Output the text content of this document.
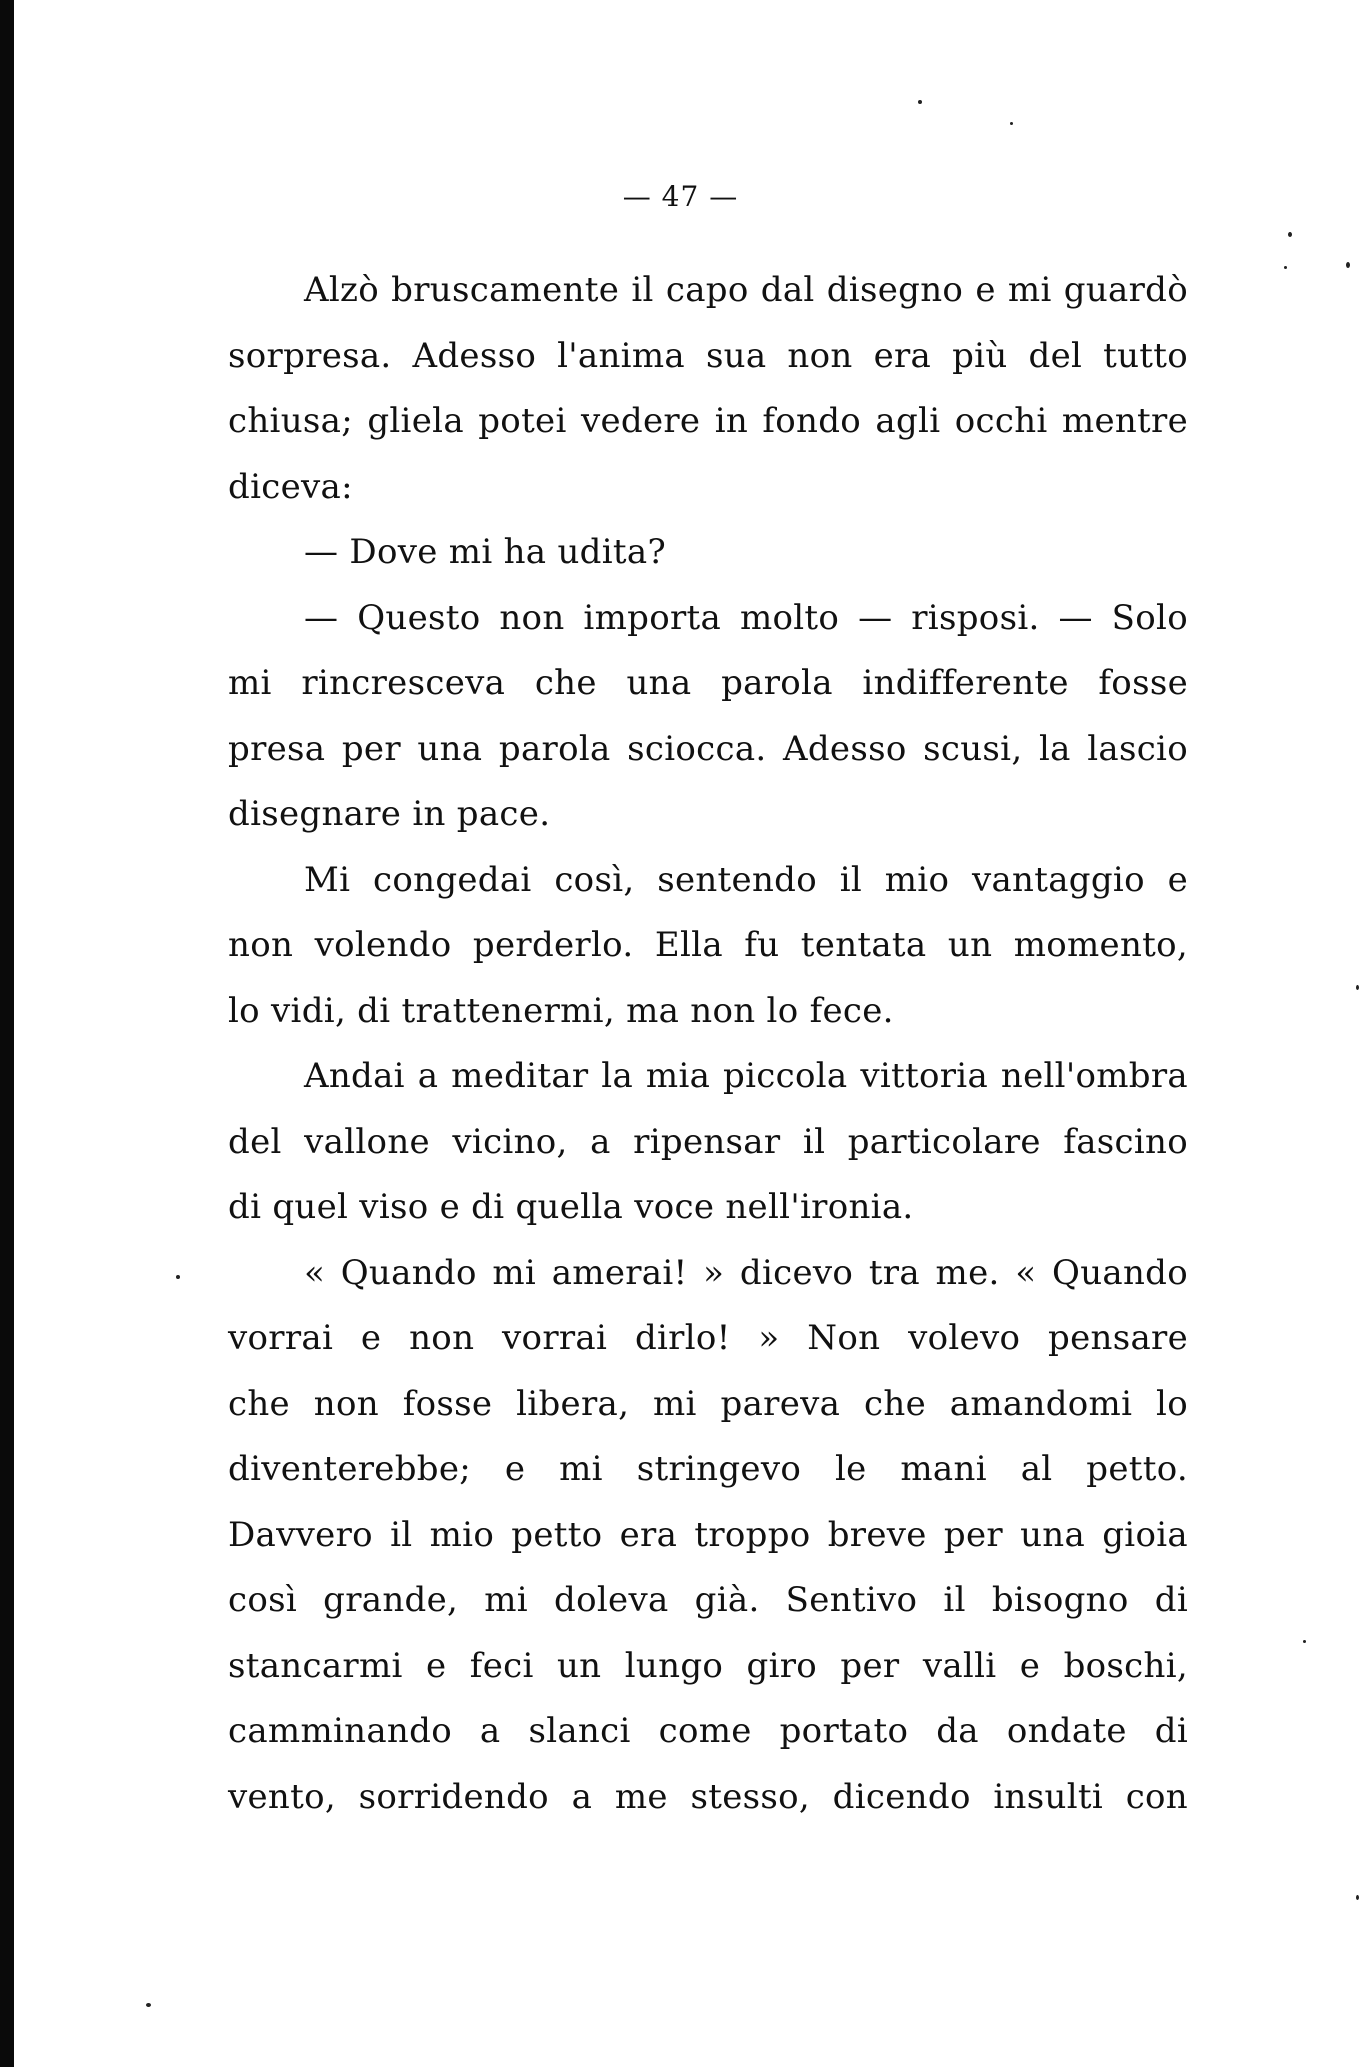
— 47 —
Alzò bruscamente il capo dal disegno e mi guardò
sorpresa. Adesso l'anima sua non era più del tutto
chiusa; gliela potei vedere in fondo agli occhi mentre
diceva:
— Dove mi ha udita?
— Questo non importa molto — risposi. — Solo
mi rincresceva che una parola indifferente fosse
presa per una parola sciocca. Adesso scusi, la lascio
disegnare in pace.
Mi congedai così, sentendo il mio vantaggio e
non volendo perderlo. Ella fu tentata un momento,
lo vidi, di trattenermi, ma non lo fece.
Andai a meditar la mia piccola vittoria nell'ombra
del vallone vicino, a ripensar il particolare fascino
di quel viso e di quella voce nell'ironia.
« Quando mi amerai! » dicevo tra me. « Quando
vorrai e non vorrai dirlo! » Non volevo pensare
che non fosse libera, mi pareva che amandomi lo
diventerebbe; e mi stringevo le mani al petto.
Davvero il mio petto era troppo breve per una gioia
così grande, mi doleva già. Sentivo il bisogno di
stancarmi e feci un lungo giro per valli e boschi,
camminando a slanci come portato da ondate di
vento, sorridendo a me stesso, dicendo insulti con
